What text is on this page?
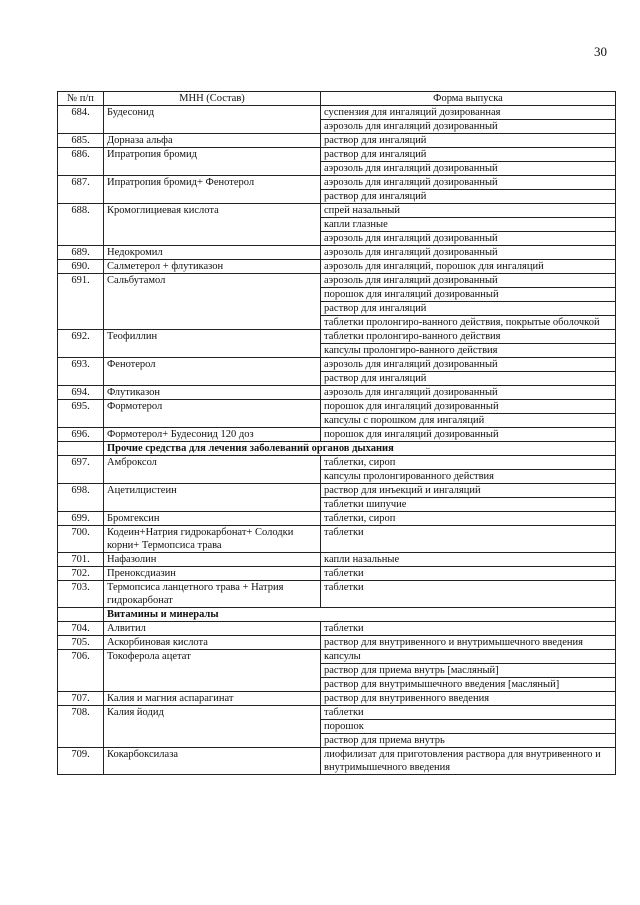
30
№ п/п	МНН (Состав)	Форма выпуска
684.	Будесонид	суспензия для ингаляций дозированная
аэрозоль для ингаляций дозированный

685.	Дорназа альфа	раствор для ингаляций

686.	Ипратропия бромид	раствор для ингаляций
аэрозоль для ингаляций дозированный

687.	Ипратропия бромид+ Фенотерол	аэрозоль для ингаляций дозированный
раствор для ингаляций

688.	Кромоглициевая кислота	спрей назальный
капли глазные
аэрозоль для ингаляций дозированный

689.	Недокромил	аэрозоль для ингаляций дозированный

690.	Салметерол + флутиказон	аэрозоль для ингаляций, порошок для ингаляций

691.	Сальбутамол	аэрозоль для ингаляций дозированный
порошок для ингаляций дозированный
раствор для ингаляций
таблетки пролонгиро-ванного действия, покрытые оболочкой

692.	Теофиллин	таблетки пролонгиро-ванного действия
капсулы пролонгиро-ванного действия

693.	Фенотерол	аэрозоль для ингаляций дозированный
раствор для ингаляций

694.	Флутиказон	аэрозоль для ингаляций дозированный

695.	Формотерол	порошок для ингаляций дозированный
капсулы с порошком для ингаляций

696.	Формотерол+ Будесонид 120 доз	порошок для ингаляций дозированный

	Прочие средства для лечения заболеваний органов дыхания	
697.	Амброксол	таблетки, сироп
капсулы пролонгированного действия

698.	Ацетилцистеин	раствор для инъекций и ингаляций
таблетки шипучие

699.	Бромгексин	таблетки, сироп

700.	Кодеин+Натрия гидрокарбонат+ Солодки корни+ Термопсиса трава	таблетки

701.	Нафазолин	капли назальные

702.	Преноксдиазин	таблетки

703.	Термопсиса ланцетного трава + Натрия гидрокарбонат	таблетки

	Витамины и минералы	
704.	Алвитил	таблетки

705.	Аскорбиновая кислота	раствор для внутривенного и внутримышечного введения

706.	Токоферола ацетат	капсулы
раствор для приема внутрь [масляный]
раствор для внутримышечного введения [масляный]

707.	Калия и магния аспарагинат	раствор для внутривенного введения

708.	Калия йодид	таблетки
порошок
раствор для приема внутрь

709.	Кокарбоксилаза	лиофилизат для приготовления раствора для внутривенного и внутримышечного введения
